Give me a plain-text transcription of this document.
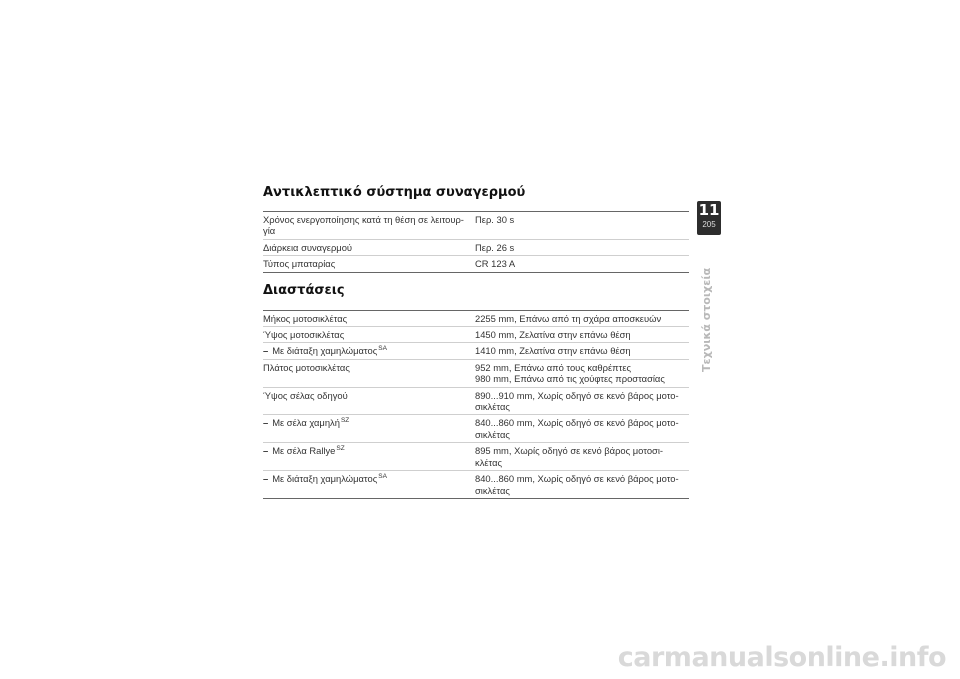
Αντικλεπτικό σύστημα συναγερμού
Χρόνος ενεργοποίησης κατά τη θέση σε λειτουρ-
γία	Περ. 30 s
Διάρκεια συναγερμού	Περ. 26 s
Τύπος μπαταρίας	CR 123 A
Διαστάσεις
Μήκος μοτοσικλέτας	2255 mm, Επάνω από τη σχάρα αποσκευών
Ύψος μοτοσικλέτας	1450 mm, Ζελατίνα στην επάνω θέση
– Με διάταξη χαμηλώματος$^{SA}$	1410 mm, Ζελατίνα στην επάνω θέση
Πλάτος μοτοσικλέτας	952 mm, Επάνω από τους καθρέπτες
980 mm, Επάνω από τις χούφτες προστασίας
Ύψος σέλας οδηγού	890...910 mm, Χωρίς οδηγό σε κενό βάρος μοτο-
σικλέτας
– Με σέλα χαμηλή$^{SZ}$	840...860 mm, Χωρίς οδηγό σε κενό βάρος μοτο-
σικλέτας
– Με σέλα Rallye$^{SZ}$	895 mm, Χωρίς οδηγό σε κενό βάρος μοτοσι-
κλέτας
– Με διάταξη χαμηλώματος$^{SA}$	840...860 mm, Χωρίς οδηγό σε κενό βάρος μοτο-
σικλέτας
11
205
Τεχνικά στοιχεία
carmanualsonline.info
